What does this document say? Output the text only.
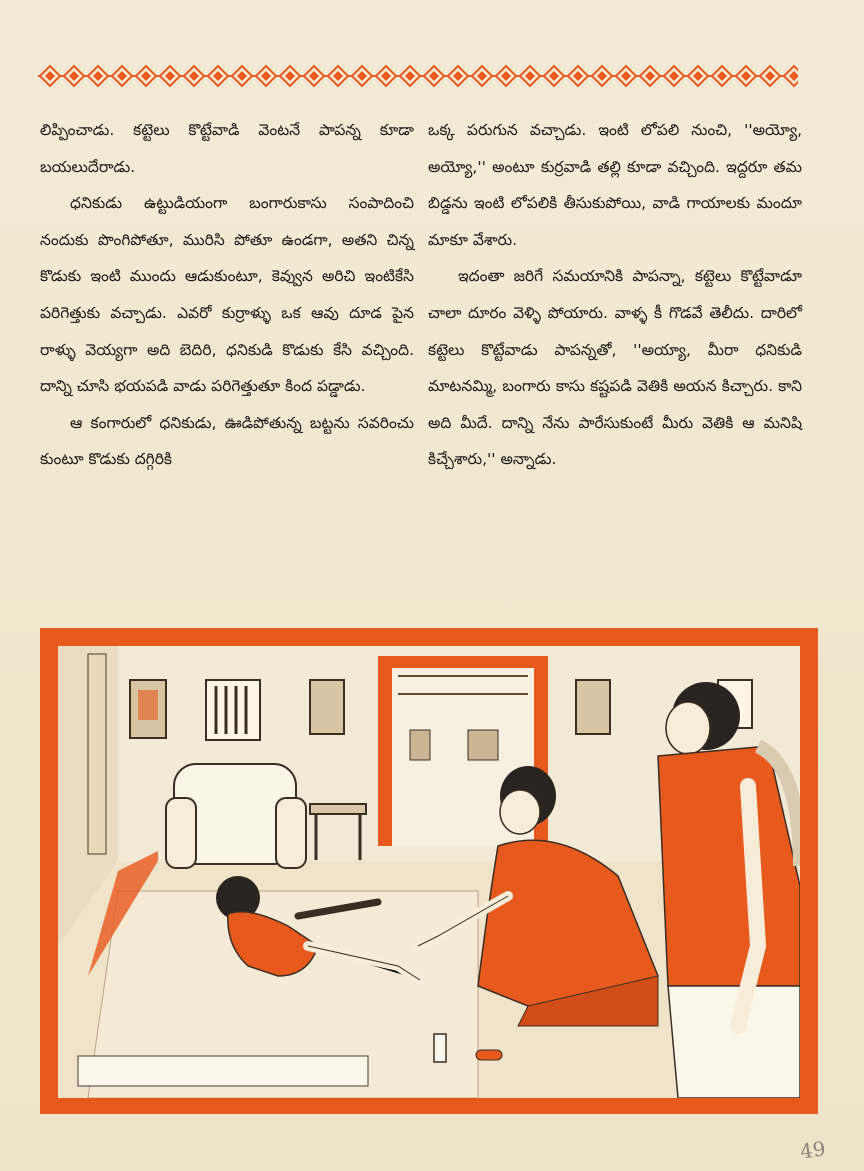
లిప్పించాడు. కట్టెలు కొట్టేవాడి వెంటనే పాపన్న కూడా బయలుదేరాడు.

ధనికుడు ఉట్టుడియంగా బంగారుకాసు సంపాదించి నందుకు పొంగిపోతూ, మురిసి పోతూ ఉండగా, అతని చిన్న కొడుకు ఇంటి ముందు ఆడుకుంటూ, కెవ్వున అరిచి ఇంటికేసి పరిగెత్తుకు వచ్చాడు. ఎవరో కుర్రాళ్ళు ఒక ఆవు దూడ పైన రాళ్ళు వెయ్యగా అది బెదిరి, ధనికుడి కొడుకు కేసి వచ్చింది. దాన్ని చూసి భయపడి వాడు పరిగెత్తుతూ కింద పడ్డాడు.

ఆ కంగారులో ధనికుడు, ఊడిపోతున్న బట్టను సవరించు కుంటూ కొడుకు దగ్గిరికి

ఒక్క పరుగున వచ్చాడు. ఇంటి లోపలి నుంచి, ''అయ్యో, అయ్యో,'' అంటూ కుర్రవాడి తల్లి కూడా వచ్చింది. ఇద్దరూ తమ బిడ్డను ఇంటి లోపలికి తీసుకుపోయి, వాడి గాయాలకు మందూ మాకూ వేశారు.

ఇదంతా జరిగే సమయానికి పాపన్నా, కట్టెలు కొట్టేవాడూ చాలా దూరం వెళ్ళి పోయారు. వాళ్ళ కీ గొడవే తెలీదు. దారిలో కట్టెలు కొట్టేవాడు పాపన్నతో, ''అయ్యా, మీరా ధనికుడి మాటనమ్మి, బంగారు కాసు కష్టపడి వెతికి అయన కిచ్చారు. కాని అది మీదే. దాన్ని నేను పారేసుకుంటే మీరు వెతికి ఆ మనిషి కిచ్చేశారు,'' అన్నాడు.

49
